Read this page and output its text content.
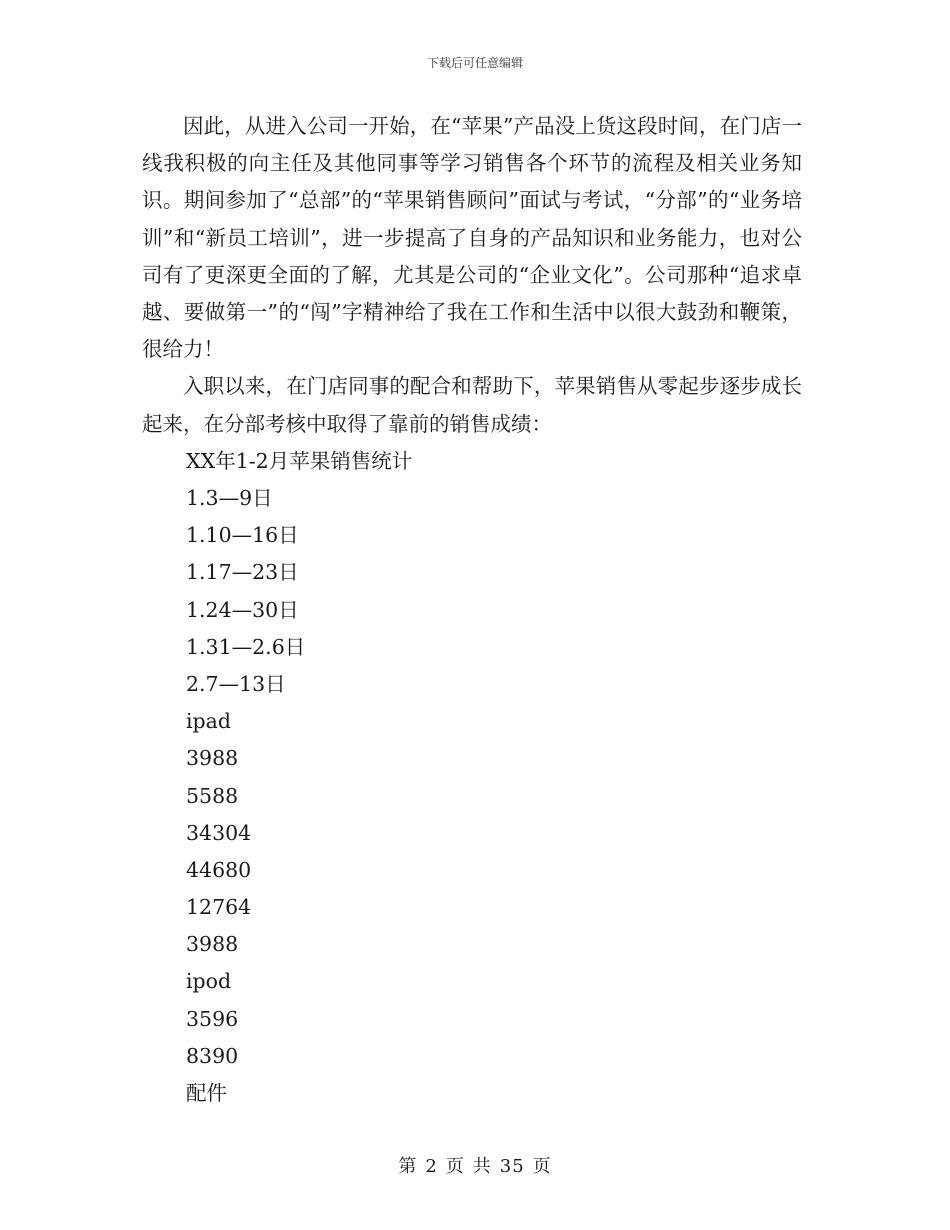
下载后可任意编辑

因此，从进入公司一开始，在“苹果”产品没上货这段时间，在门店一线我积极的向主任及其他同事等学习销售各个环节的流程及相关业务知识。期间参加了“总部”的“苹果销售顾问”面试与考试，“分部”的“业务培训”和“新员工培训”，进一步提高了自身的产品知识和业务能力，也对公司有了更深更全面的了解，尤其是公司的“企业文化”。公司那种“追求卓越、要做第一”的“闯”字精神给了我在工作和生活中以很大鼓劲和鞭策，很给力！

入职以来，在门店同事的配合和帮助下，苹果销售从零起步逐步成长起来，在分部考核中取得了靠前的销售成绩：

XX年1-2月苹果销售统计
1.3—9日
1.10—16日
1.17—23日
1.24—30日
1.31—2.6日
2.7—13日
ipad
3988
5588
34304
44680
12764
3988
ipod
3596
8390
配件
第 2 页 共 35 页
